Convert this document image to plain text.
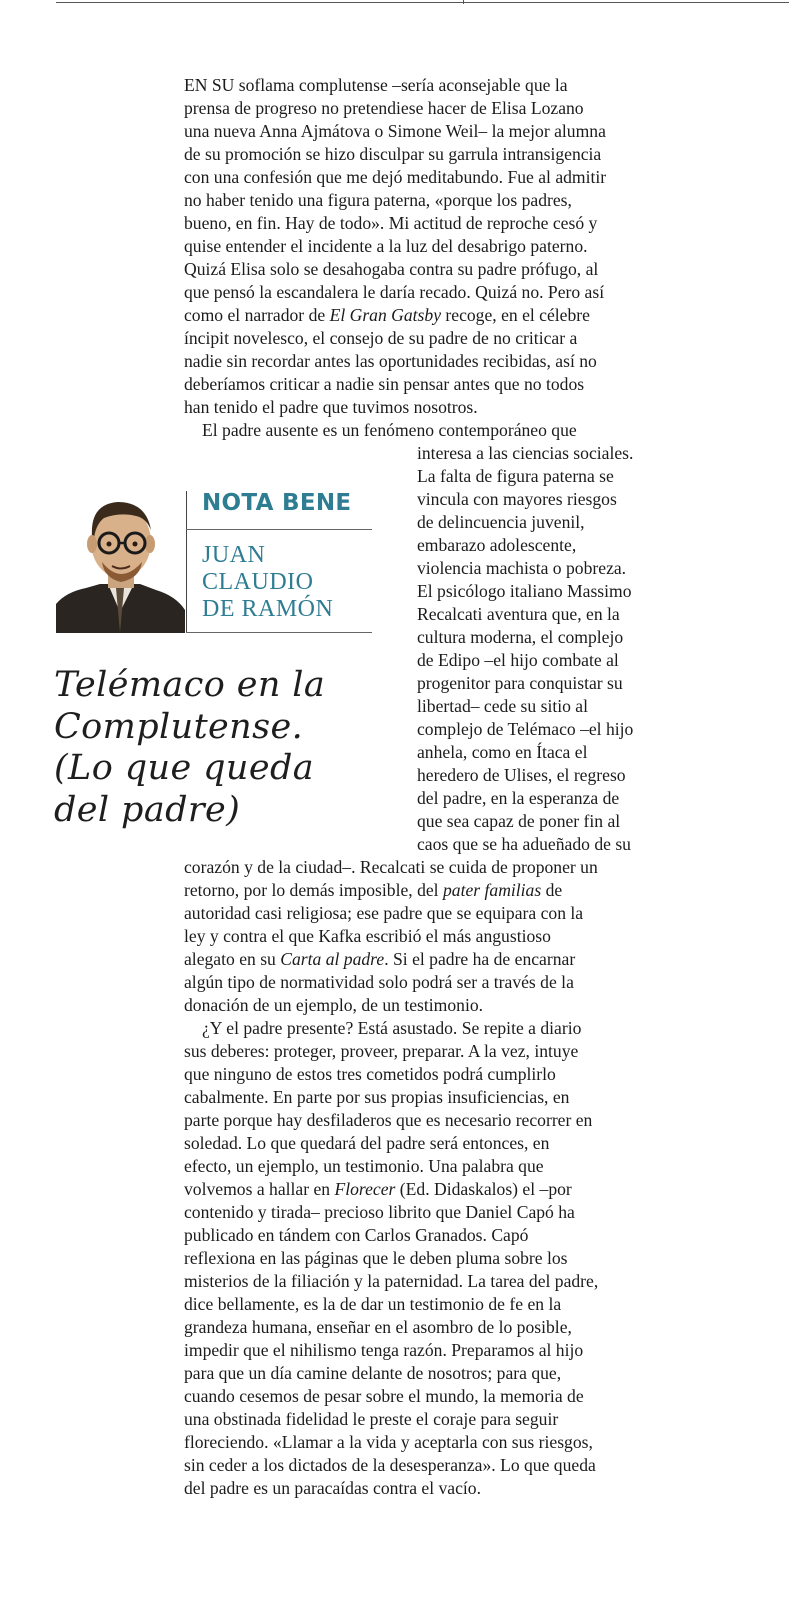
NOTA BENE
JUAN
CLAUDIO
DE RAMÓN
Telémaco en la
Complutense.
(Lo que queda
del padre)
EN SU soflama complutense –sería aconsejable que la
prensa de progreso no pretendiese hacer de Elisa Lozano
una nueva Anna Ajmátova o Simone Weil– la mejor alumna
de su promoción se hizo disculpar su garrula intransigencia
con una confesión que me dejó meditabundo. Fue al admitir
no haber tenido una figura paterna, «porque los padres,
bueno, en fin. Hay de todo». Mi actitud de reproche cesó y
quise entender el incidente a la luz del desabrigo paterno.
Quizá Elisa solo se desahogaba contra su padre prófugo, al
que pensó la escandalera le daría recado. Quizá no. Pero así
como el narrador de El Gran Gatsby recoge, en el célebre
íncipit novelesco, el consejo de su padre de no criticar a
nadie sin recordar antes las oportunidades recibidas, así no
deberíamos criticar a nadie sin pensar antes que no todos
han tenido el padre que tuvimos nosotros.
El padre ausente es un fenómeno contemporáneo que
interesa a las ciencias sociales.
La falta de figura paterna se
vincula con mayores riesgos
de delincuencia juvenil,
embarazo adolescente,
violencia machista o pobreza.
El psicólogo italiano Massimo
Recalcati aventura que, en la
cultura moderna, el complejo
de Edipo –el hijo combate al
progenitor para conquistar su
libertad– cede su sitio al
complejo de Telémaco –el hijo
anhela, como en Ítaca el
heredero de Ulises, el regreso
del padre, en la esperanza de
que sea capaz de poner fin al
caos que se ha adueñado de su
corazón y de la ciudad–. Recalcati se cuida de proponer un
retorno, por lo demás imposible, del pater familias de
autoridad casi religiosa; ese padre que se equipara con la
ley y contra el que Kafka escribió el más angustioso
alegato en su Carta al padre. Si el padre ha de encarnar
algún tipo de normatividad solo podrá ser a través de la
donación de un ejemplo, de un testimonio.
¿Y el padre presente? Está asustado. Se repite a diario
sus deberes: proteger, proveer, preparar. A la vez, intuye
que ninguno de estos tres cometidos podrá cumplirlo
cabalmente. En parte por sus propias insuficiencias, en
parte porque hay desfiladeros que es necesario recorrer en
soledad. Lo que quedará del padre será entonces, en
efecto, un ejemplo, un testimonio. Una palabra que
volvemos a hallar en Florecer (Ed. Didaskalos) el –por
contenido y tirada– precioso librito que Daniel Capó ha
publicado en tándem con Carlos Granados. Capó
reflexiona en las páginas que le deben pluma sobre los
misterios de la filiación y la paternidad. La tarea del padre,
dice bellamente, es la de dar un testimonio de fe en la
grandeza humana, enseñar en el asombro de lo posible,
impedir que el nihilismo tenga razón. Preparamos al hijo
para que un día camine delante de nosotros; para que,
cuando cesemos de pesar sobre el mundo, la memoria de
una obstinada fidelidad le preste el coraje para seguir
floreciendo. «Llamar a la vida y aceptarla con sus riesgos,
sin ceder a los dictados de la desesperanza». Lo que queda
del padre es un paracaídas contra el vacío.
